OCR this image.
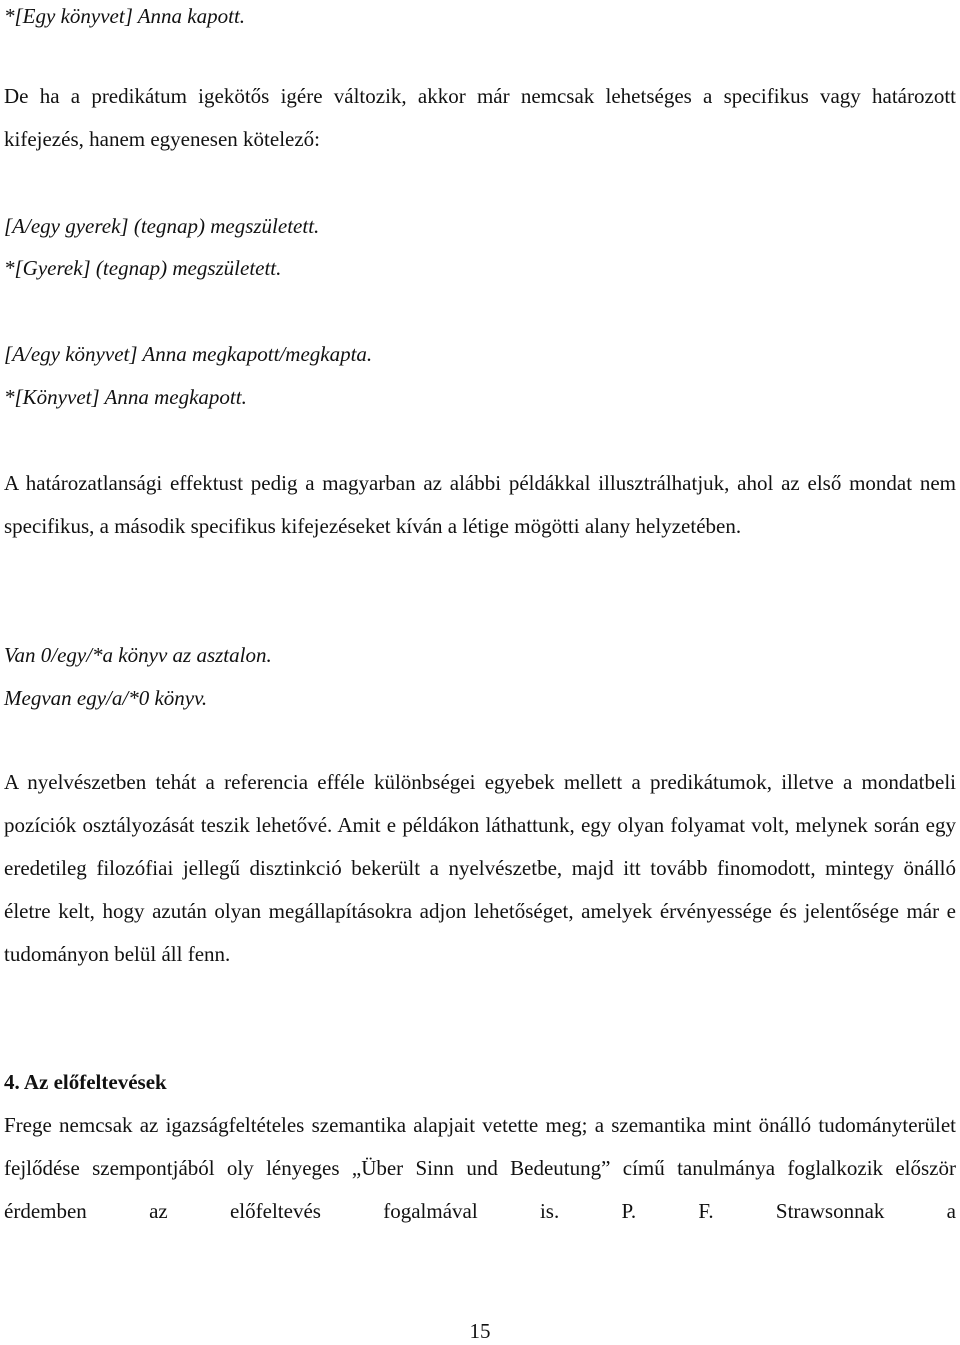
*[Egy könyvet] Anna kapott.

De ha a predikátum igekötős igére változik, akkor már nemcsak lehetséges a specifikus vagy határozott kifejezés, hanem egyenesen kötelező:

[A/egy gyerek] (tegnap) megszületett.

*[Gyerek] (tegnap) megszületett.

[A/egy könyvet] Anna megkapott/megkapta.

*[Könyvet] Anna megkapott.

A határozatlansági effektust pedig a magyarban az alábbi példákkal illusztrálhatjuk, ahol az első mondat nem specifikus, a második specifikus kifejezéseket kíván a létige mögötti alany helyzetében.

Van 0/egy/*a könyv az asztalon.

Megvan egy/a/*0 könyv.

A nyelvészetben tehát a referencia efféle különbségei egyebek mellett a predikátumok, illetve a mondatbeli pozíciók osztályozását teszik lehetővé. Amit e példákon láthattunk, egy olyan folyamat volt, melynek során egy eredetileg filozófiai jellegű disztinkció bekerült a nyelvészetbe, majd itt tovább finomodott, mintegy önálló életre kelt, hogy azután olyan megállapításokra adjon lehetőséget, amelyek érvényessége és jelentősége már e tudományon belül áll fenn.

4. Az előfeltevések

Frege nemcsak az igazságfeltételes szemantika alapjait vetette meg; a szemantika mint önálló tudományterület fejlődése szempontjából oly lényeges „Über Sinn und Bedeutung” című tanulmánya foglalkozik először érdemben az előfeltevés fogalmával is. P. F. Strawsonnak a

15
